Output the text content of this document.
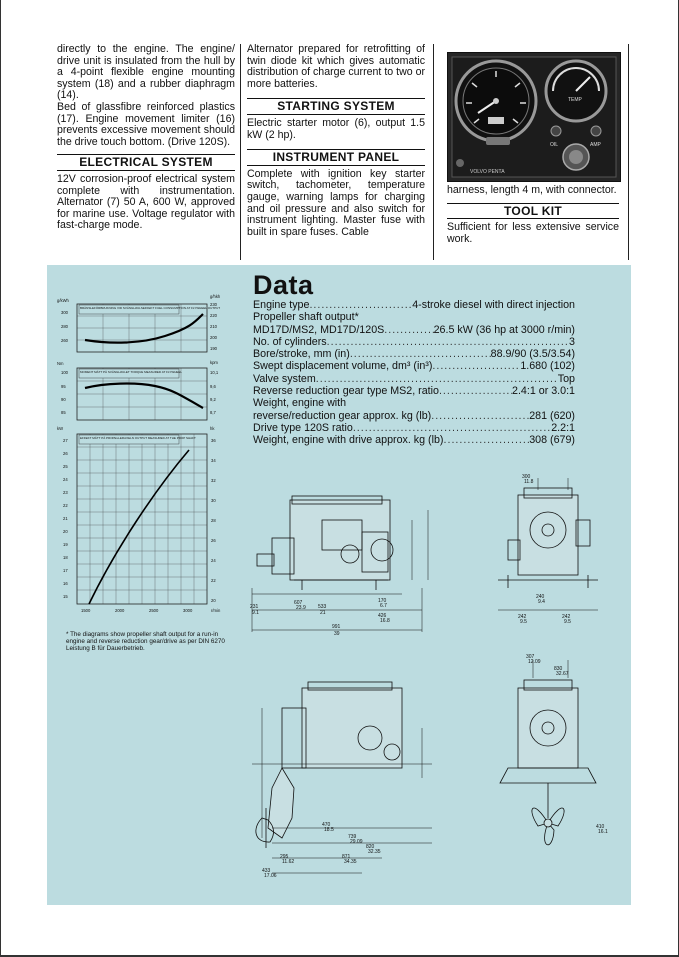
directly to the engine. The engine/ drive unit is insulated from the hull by a 4-point flexible engine mounting system (18) and a rubber diaphragm (14).

Bed of glassfibre reinforced plastics (17). Engine movement limiter (16) prevents excessive movement should the drive touch bottom. (Drive 120S).

ELECTRICAL SYSTEM

12V corrosion-proof electrical system complete with instrumentation. Alternator (7) 50 A, 600 W, approved for marine use. Voltage regulator with fast-charge mode.

Alternator prepared for retrofitting of twin diode kit which gives automatic distribution of charge current to two or more batteries.

STARTING SYSTEM

Electric starter motor (6), output 1.5 kW (2 hp).

INSTRUMENT PANEL

Complete with ignition key starter switch, tachometer, temperature gauge, warning lamps for charging and oil pressure and also switch for instrument lighting. Master fuse with built in spare fuses. Cable

TEMP
OIL	AMP
VOLVO PENTA

harness, length 4 m, with connector.

TOOL KIT

Sufficient for less extensive service work.

Data
Engine type .....	4-stroke diesel with direct injection
Propeller shaft output*
MD17D/MS2, MD17D/120S .....	26.5 kW (36 hp at 3000 r/min)
No. of cylinders .....	3
Bore/stroke, mm (in) .....	88.9/90 (3.5/3.54)
Swept displacement volume, dm³ (in³) .....	1.680 (102)
Valve system .....	Top
Reverse reduction gear type MS2, ratio .....	2.4:1 or 3.0:1
Weight, engine with
reverse/reduction gear approx. kg (lb) .....	281 (620)
Drive type 120S ratio .....	2.2:1
Weight, engine with drive approx. kg (lb) .....	308 (679)
BRÄNSLEFÖRBRUKNING VID SVÄNGHJULSEFFEKT FUEL CONSUMPTION AT FLYWHEEL OUTPUT
g/kWh
g/hkh
300
280
260
230
220
210
200
190
MOMENT MÄTT PÅ SVÄNGHJULET TORQUE MEASURED AT FLYWHEEL
Nm	kpm
100
95
90
85
10,1
9,6
9,2
8,7
EFFEKT MÄTT PÅ PROPELLERAXELN OUTPUT MEASURED AT THE PROP SHAFT
kW	hk
27
26
25
24
23
22
21
20
19
18
17
16
15
36
34
32
30
28
26
24
22
20
1500	2000	2500	3000	r/min
* The diagrams show propeller shaft output for a run-in engine and reverse reduction gear/drive as per DIN 6270 Leistung B für Dauerbetrieb.
231
9.1
607
23.9 533
21
170
6.7
426
16.8
991
39
300
11.8
240
9.4
242
9.5
242
9.5
470
18.5
739
29.09
820
32.35
871
34.35
295
11.62
433
17.06
307
12.09
830
32.67
410
16.1
